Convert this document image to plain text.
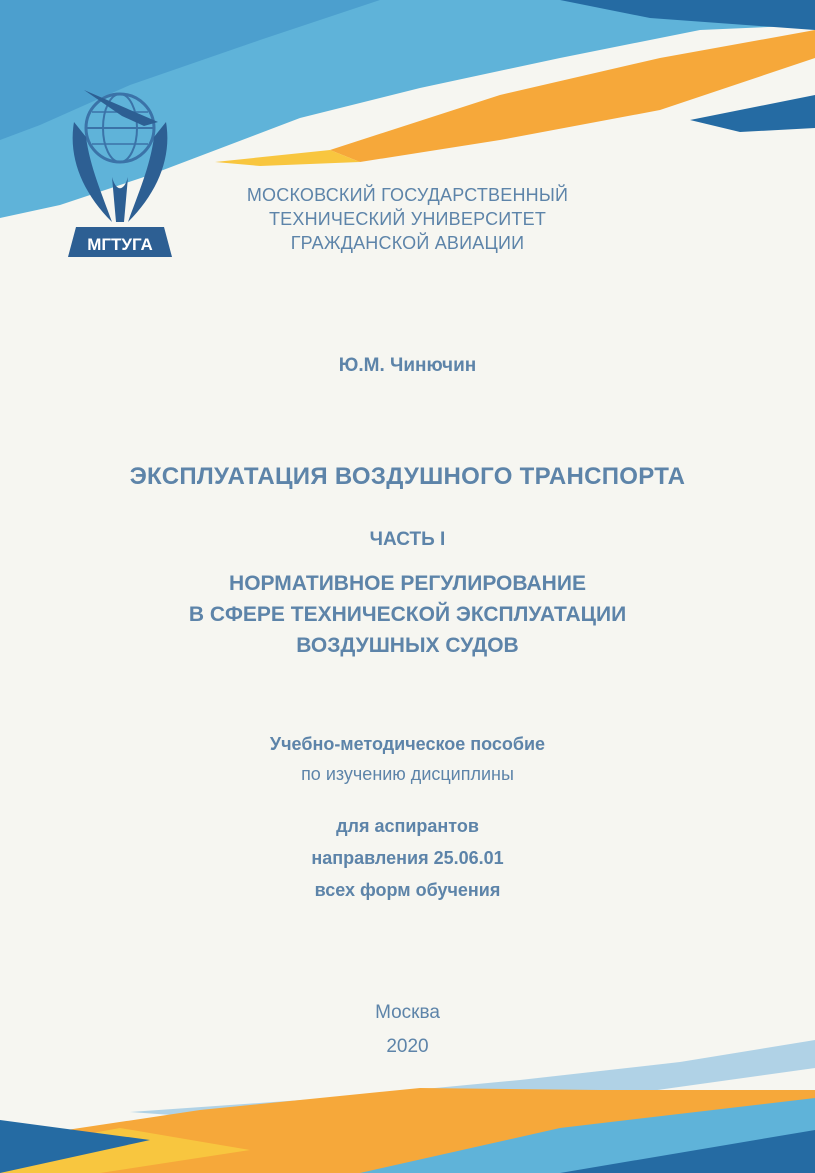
МГТУГА
МОСКОВСКИЙ ГОСУДАРСТВЕННЫЙ
ТЕХНИЧЕСКИЙ УНИВЕРСИТЕТ
ГРАЖДАНСКОЙ АВИАЦИИ
Ю.М. Чинючин
ЭКСПЛУАТАЦИЯ ВОЗДУШНОГО ТРАНСПОРТА
ЧАСТЬ I
НОРМАТИВНОЕ РЕГУЛИРОВАНИЕ
В СФЕРЕ ТЕХНИЧЕСКОЙ ЭКСПЛУАТАЦИИ
ВОЗДУШНЫХ СУДОВ
Учебно-методическое пособие
по изучению дисциплины
для аспирантов
направления 25.06.01
всех форм обучения
Москва
2020
